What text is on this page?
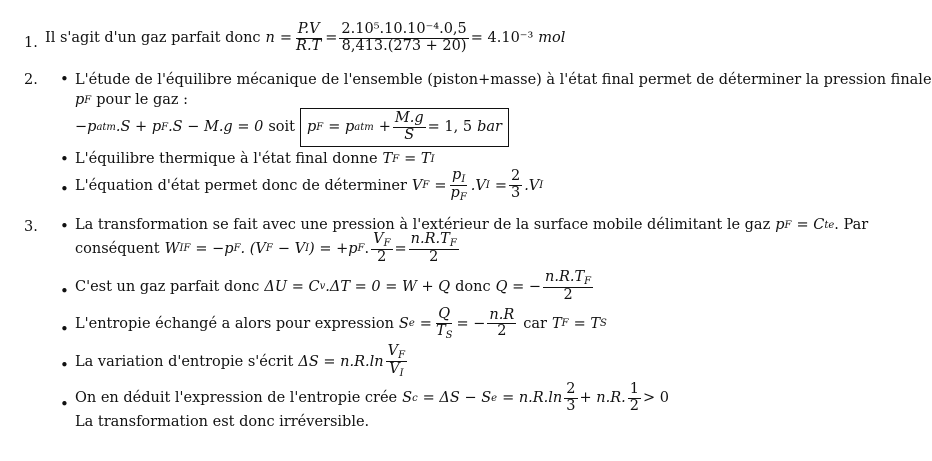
1. Il s'agit d'un gaz parfait donc $n = \frac{P.V}{R.T} = \frac{\text{2.10⁵.10.10⁻⁴.0,5}}{8,413.(273 + 20)} = 4.10^{-3}$ mol
2. • L'étude de l'équilibre mécanique de l'ensemble (piston+masse) à l'état final permet de déterminer la pression finale
p F pour le gaz :
−p atm .S + p F .S − M.g = 0 soit p F = p atm + $\frac{M.g}{S} = 1$, 5 bar
• L'équilibre thermique à l'état final donne T F = T I
• L'équation d'état permet donc de déterminer V $F = \frac{p_I}{p_F} .V$ $I = \frac{2}{3} .V$ I
3. • La transformation se fait avec une pression à l'extérieur de la surface mobile délimitant le gaz p F = C te . Par
conséquent W IF = −p F . (V F − V I ) = +p F . $\frac{V_F}{2} = \frac{n.R.T_F}{2}$
• C'est un gaz parfait donc ΔU = C v .ΔT = 0 = W + Q donc Q = − $\frac{n.R.T_F}{2}$
• L'entropie échangé a alors pour expression S $e = \frac{Q}{T_S}$ = − $\frac{n.R}{2}$ car T F = T S
• La variation d'entropie s'écrit $\Delta S = n.R.\ln \frac{V_F}{V_I}$
• On en déduit l'expression de l'entropie crée S c = ΔS − S $e = n.R.\ln \frac{2}{3} + n.R$. $\frac{1}{2} > 0$
La transformation est donc irréversible.
